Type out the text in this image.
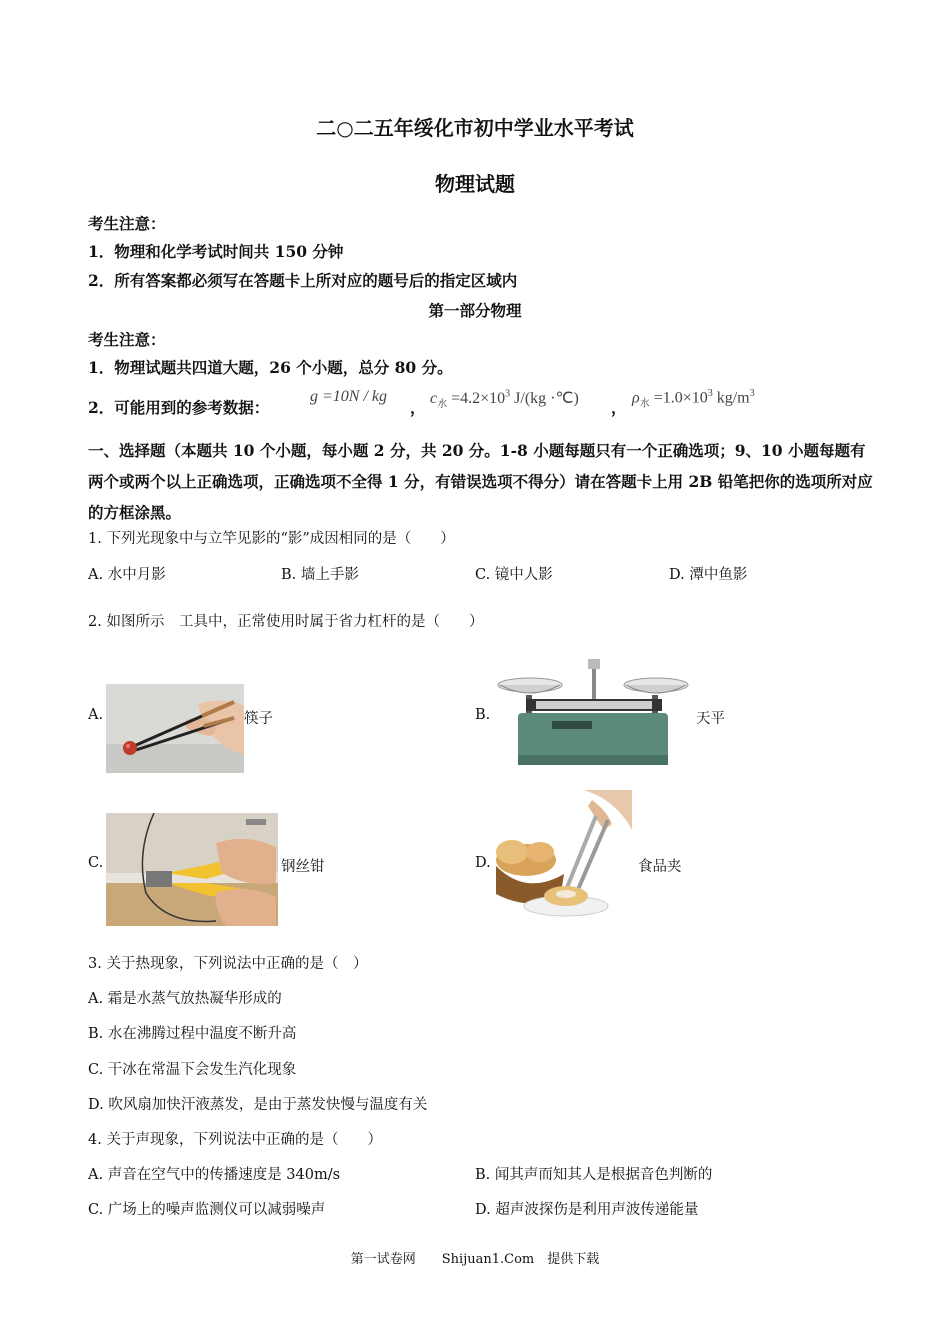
二○二五年绥化市初中学业水平考试
物理试题
考生注意：
1．物理和化学考试时间共 150 分钟
2．所有答案都必须写在答题卡上所对应的题号后的指定区域内
第一部分物理
考生注意：
1．物理试题共四道大题，26 个小题，总分 80 分。
2．可能用到的参考数据：
g =10N / kg
， $c_水 =4.2\times 10^3$ J/(kg ·℃) ，
$\rho_水 =1.0\times 10^3$ $kg/m^3$
一、选择题（本题共 10 个小题，每小题 2 分，共 20 分。1-8 小题每题只有一个正确选项；9、10 小题每题有两个或两个以上正确选项，正确选项不全得 1 分，有错误选项不得分）请在答题卡上用 2B 铅笔把你的选项所对应的方框涂黑。
1. 下列光现象中与立竿见影的“影”成因相同的是（　　）
A. 水中月影	B. 墙上手影	C. 镜中人影	D. 潭中鱼影
2. 如图所示　工具中，正常使用时属于省力杠杆的是（　　）
A.	筷子	B.	天平
C.	钢丝钳	D.	食品夹
3. 关于热现象，下列说法中正确的是（　）
A. 霜是水蒸气放热凝华形成的
B. 水在沸腾过程中温度不断升高
C. 干冰在常温下会发生汽化现象
D. 吹风扇加快汗液蒸发，是由于蒸发快慢与温度有关
4. 关于声现象，下列说法中正确的是（　　）
A. 声音在空气中的传播速度是 340m/s	B. 闻其声而知其人是根据音色判断的
C. 广场上的噪声监测仪可以减弱噪声	D. 超声波探伤是利用声波传递能量
第一试卷网　　Shijuan1.Com　提供下载
